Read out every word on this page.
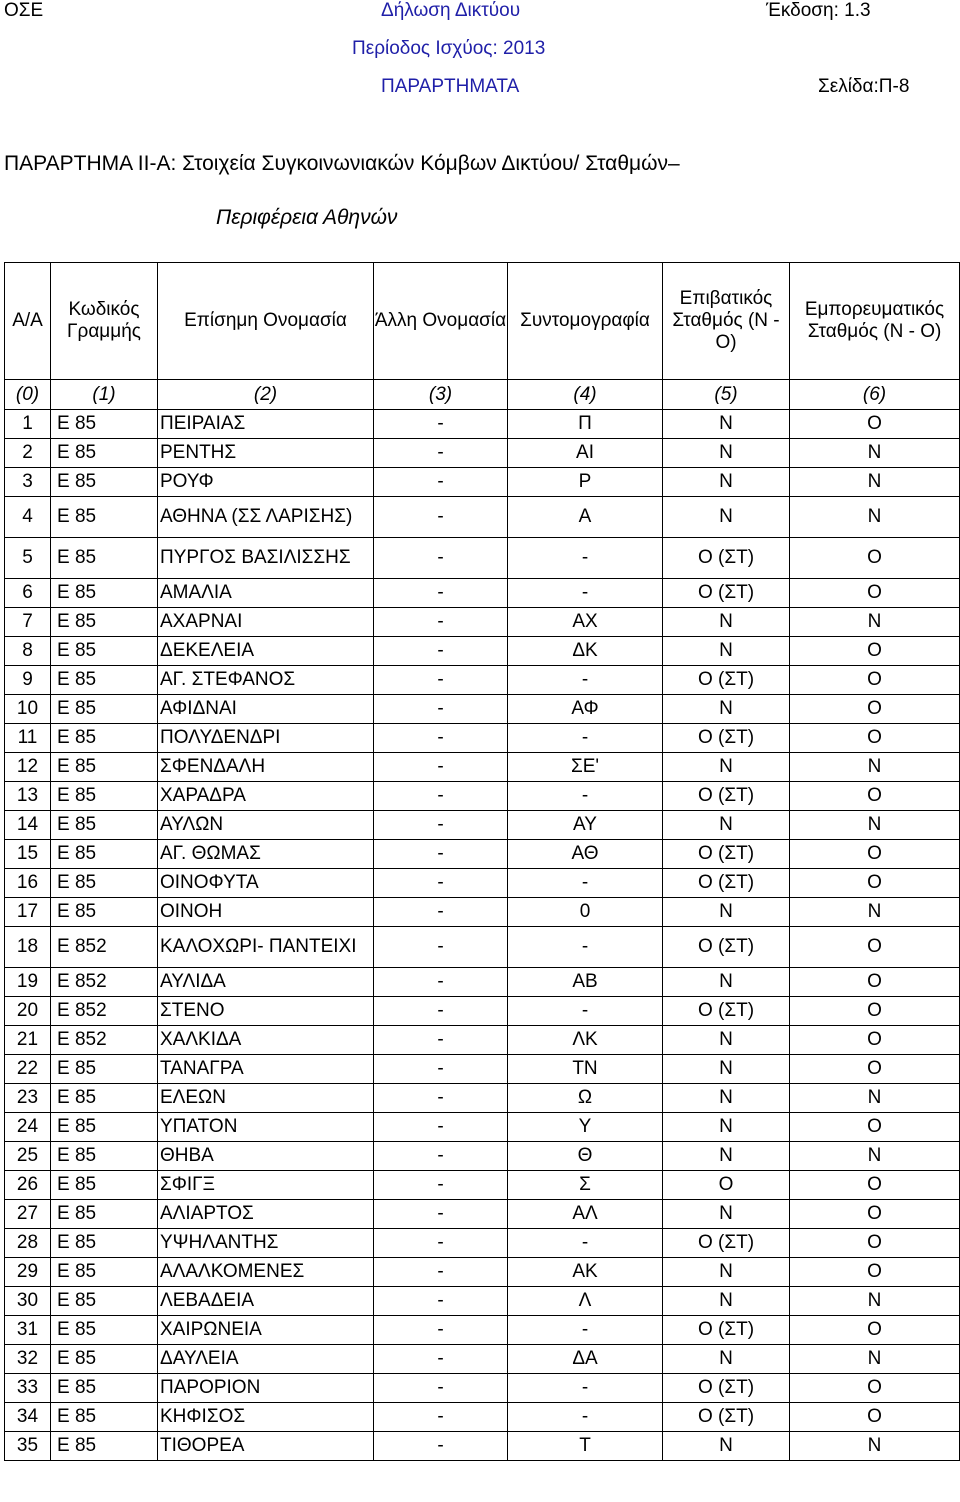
ΟΣΕ	Δήλωση Δικτύου	Έκδοση: 1.3
Περίοδος Ισχύος: 2013
ΠΑΡΑΡΤΗΜΑΤΑ	Σελίδα:Π-8
ΠΑΡΑΡΤΗΜΑ ΙΙ-Α: Στοιχεία Συγκοινωνιακών Κόμβων Δικτύου/ Σταθμών–
Περιφέρεια Αθηνών
Α/Α	Κωδικός Γραμμής	Επίσημη Ονομασία	Άλλη Ονομασία	Συντομογραφία	Επιβατικός Σταθμός (Ν - Ο)	Εμπορευματικός Σταθμός (Ν - Ο)
(0)	(1)	(2)	(3)	(4)	(5)	(6)
1	Ε 85	ΠΕΙΡΑΙΑΣ	-	Π	Ν	Ο
2	Ε 85	ΡΕΝΤΗΣ	-	ΑΙ	Ν	Ν
3	Ε 85	ΡΟΥΦ	-	Ρ	Ν	Ν
4	Ε 85	ΑΘΗΝΑ (ΣΣ ΛΑΡΙΣΗΣ)	-	Α	Ν	Ν
5	Ε 85	ΠΥΡΓΟΣ ΒΑΣΙΛΙΣΣΗΣ	-	-	Ο (ΣΤ)	Ο
6	Ε 85	ΑΜΑΛΙΑ	-	-	Ο (ΣΤ)	Ο
7	Ε 85	ΑΧΑΡΝΑΙ	-	ΑΧ	Ν	Ν
8	Ε 85	ΔΕΚΕΛΕΙΑ	-	ΔΚ	Ν	Ο
9	Ε 85	ΑΓ. ΣΤΕΦΑΝΟΣ	-	-	Ο (ΣΤ)	Ο
10	Ε 85	ΑΦΙΔΝΑΙ	-	ΑΦ	Ν	Ο
11	Ε 85	ΠΟΛΥΔΕΝΔΡΙ	-	-	Ο (ΣΤ)	Ο
12	Ε 85	ΣΦΕΝΔΑΛΗ	-	ΣΕ'	Ν	Ν
13	Ε 85	ΧΑΡΑΔΡΑ	-	-	Ο (ΣΤ)	Ο
14	Ε 85	ΑΥΛΩΝ	-	ΑΥ	Ν	Ν
15	Ε 85	ΑΓ. ΘΩΜΑΣ	-	ΑΘ	Ο (ΣΤ)	Ο
16	Ε 85	ΟΙΝΟΦΥΤΑ	-	-	Ο (ΣΤ)	Ο
17	Ε 85	ΟΙΝΟΗ	-	0	Ν	Ν
18	Ε 852	ΚΑΛΟΧΩΡΙ- ΠΑΝΤΕΙΧΙ	-	-	Ο (ΣΤ)	Ο
19	Ε 852	ΑΥΛΙΔΑ	-	ΑΒ	Ν	Ο
20	Ε 852	ΣΤΕΝΟ	-	-	Ο (ΣΤ)	Ο
21	Ε 852	ΧΑΛΚΙΔΑ	-	ΛΚ	Ν	Ο
22	Ε 85	ΤΑΝΑΓΡΑ	-	ΤΝ	Ν	Ο
23	Ε 85	ΕΛΕΩΝ	-	Ω	Ν	Ν
24	Ε 85	ΥΠΑΤΟΝ	-	Υ	Ν	Ο
25	Ε 85	ΘΗΒΑ	-	Θ	Ν	Ν
26	Ε 85	ΣΦΙΓΞ	-	Σ	Ο	Ο
27	Ε 85	ΑΛΙΑΡΤΟΣ	-	ΑΛ	Ν	Ο
28	Ε 85	ΥΨΗΛΑΝΤΗΣ	-	-	Ο (ΣΤ)	Ο
29	Ε 85	ΑΛΑΛΚΟΜΕΝΕΣ	-	ΑΚ	Ν	Ο
30	Ε 85	ΛΕΒΑΔΕΙΑ	-	Λ	Ν	Ν
31	Ε 85	ΧΑΙΡΩΝΕΙΑ	-	-	Ο (ΣΤ)	Ο
32	Ε 85	ΔΑΥΛΕΙΑ	-	ΔΑ	Ν	Ν
33	Ε 85	ΠΑΡΟΡΙΟΝ	-	-	Ο (ΣΤ)	Ο
34	Ε 85	ΚΗΦΙΣΟΣ	-	-	Ο (ΣΤ)	Ο
35	Ε 85	ΤΙΘΟΡΕΑ	-	Τ	Ν	Ν
